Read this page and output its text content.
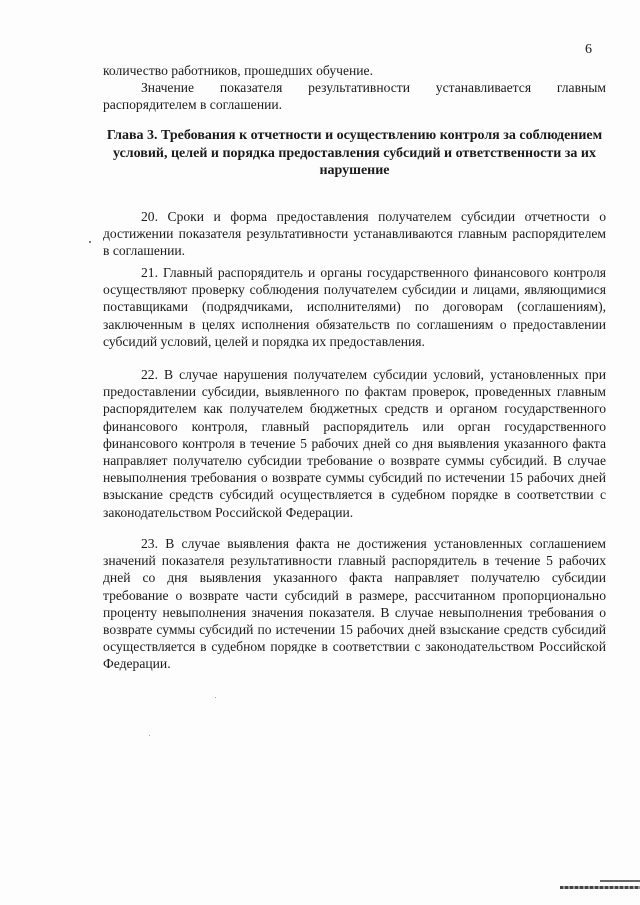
6

количество работников, прошедших обучение.

Значение показателя результативности устанавливается главным распорядителем в соглашении.

Глава 3. Требования к отчетности и осуществлению контроля за соблюдением условий, целей и порядка предоставления субсидий и ответственности за их нарушение

20. Сроки и форма предоставления получателем субсидии отчетности о достижении показателя результативности устанавливаются главным распорядителем в соглашении.

21. Главный распорядитель и органы государственного финансового контроля осуществляют проверку соблюдения получателем субсидии и лицами, являющимися поставщиками (подрядчиками, исполнителями) по договорам (соглашениям), заключенным в целях исполнения обязательств по соглашениям о предоставлении субсидий условий, целей и порядка их предоставления.

22. В случае нарушения получателем субсидии условий, установленных при предоставлении субсидии, выявленного по фактам проверок, проведенных главным распорядителем как получателем бюджетных средств и органом государственного финансового контроля, главный распорядитель или орган государственного финансового контроля в течение 5 рабочих дней со дня выявления указанного факта направляет получателю субсидии требование о возврате суммы субсидий. В случае невыполнения требования о возврате суммы субсидий по истечении 15 рабочих дней взыскание средств субсидий осуществляется в судебном порядке в соответствии с законодательством Российской Федерации.

23. В случае выявления факта не достижения установленных соглашением значений показателя результативности главный распорядитель в течение 5 рабочих дней со дня выявления указанного факта направляет получателю субсидии требование о возврате части субсидий в размере, рассчитанном пропорционально проценту невыполнения значения показателя. В случае невыполнения требования о возврате суммы субсидий по истечении 15 рабочих дней взыскание средств субсидий осуществляется в судебном порядке в соответствии с законодательством Российской Федерации.
